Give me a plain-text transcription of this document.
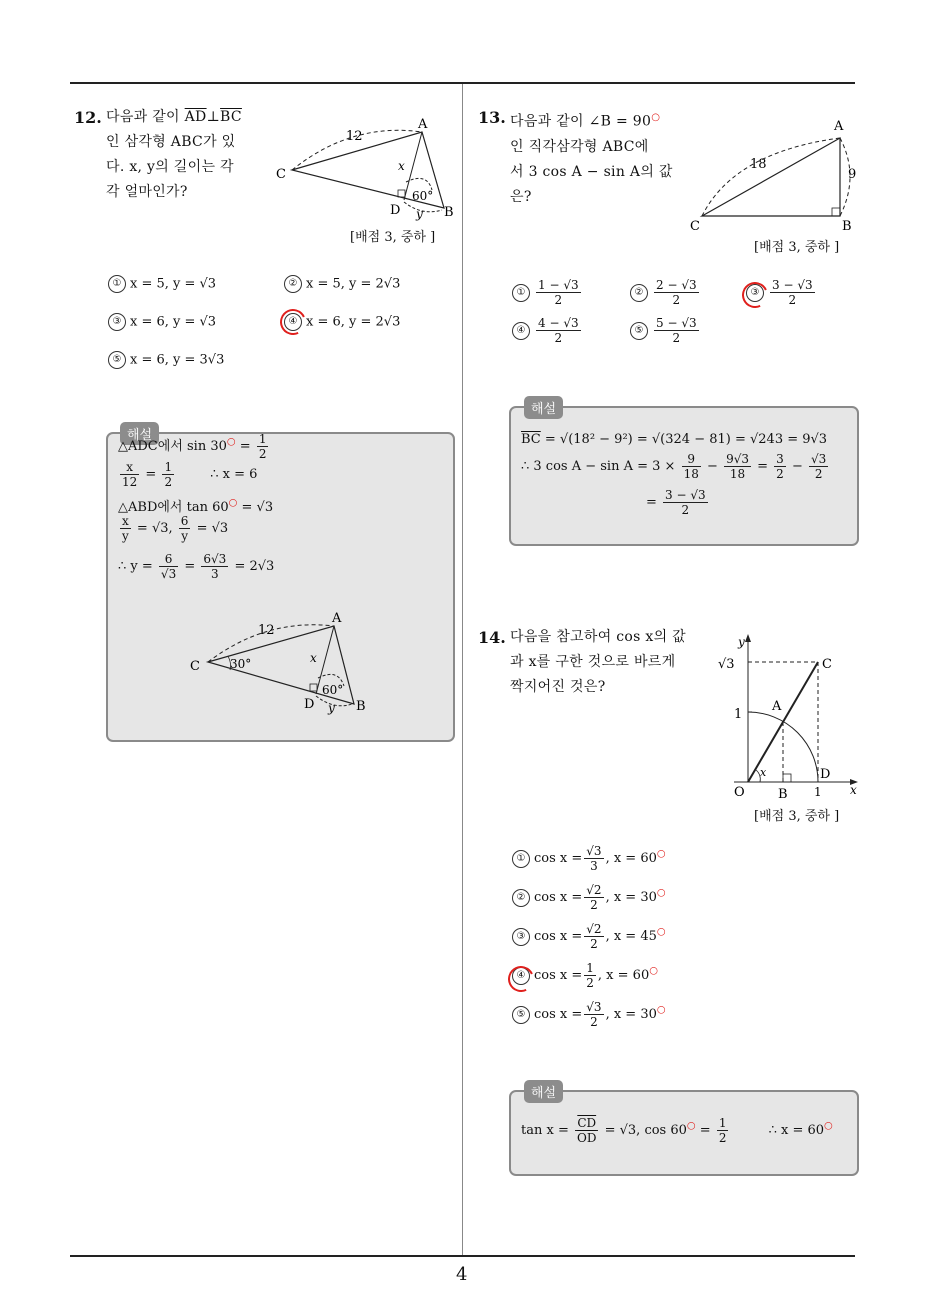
4
12. 다음과 같이 $\overline{AD}\perp\overline{BC}$
인 삼각형 ABC가 있
다. x, y의 길이는 각
각 얼마인가?
A
B
C
D
12
x
y
60°
[배점 3, 중하 ]
① x = 5, y = √3	② x = 5, y = 2√3
③ x = 6, y = √3	④ x = 6, y = 2√3
⑤ x = 6, y = 3√3
해설
△ADC에서 $\sin 30^○ = \frac{1}{2}$
$\frac{x}{12} = \frac{1}{2}$	∴ x = 6
△ABD에서 tan 60○ = √3
$\frac{x}{y} = √3$, $\frac{6}{y} = √3$
∴ $y = \frac{6}{√3} = \frac{6√3}{3} = 2√3$
A
B
C
D
12
x
y
60°
30°
13. 다음과 같이 ∠B = 90○
인 직각삼각형 ABC에
서 3 cos A − sin A의 값
은?
A
B
C
18
9
[배점 3, 중하 ]
① $\frac{1 - √3}{2}$	② $\frac{2 - √3}{2}$	③ $\frac{3 - √3}{2}$
④ $\frac{4 - √3}{2}$	⑤ $\frac{5 - √3}{2}$
해설
$\overline{BC} = √(18^2 - 9^2) = √(324 - 81) = √243 = 9√3$
∴ 3 $\cos A - \sin A = 3 \times \frac{9}{18} - \frac{9√3}{18} = \frac{3}{2} - \frac{√3}{2}$
= $\frac{3 - √3}{2}$
14. 다음을 참고하여 cos x의 값
과 x를 구한 것으로 바르게
짝지어진 것은?
y
x
√3
1
1
O
A
B
C
D
x
[배점 3, 중하 ]
① $\cos x = \frac{√3}{3}$ , x = 60○
② $\cos x = \frac{√2}{2}$ , x = 30○
③ $\cos x = \frac{√2}{2}$ , x = 45○
④ $\cos x = \frac{1}{2}$ , x = 60○
⑤ $\cos x = \frac{√3}{2}$ , x = 30○
해설
$\tan x = \frac{\overline{CD}}{OD} = √3$, $\cos 60^○ = \frac{1}{2}$	∴ x = 60○
